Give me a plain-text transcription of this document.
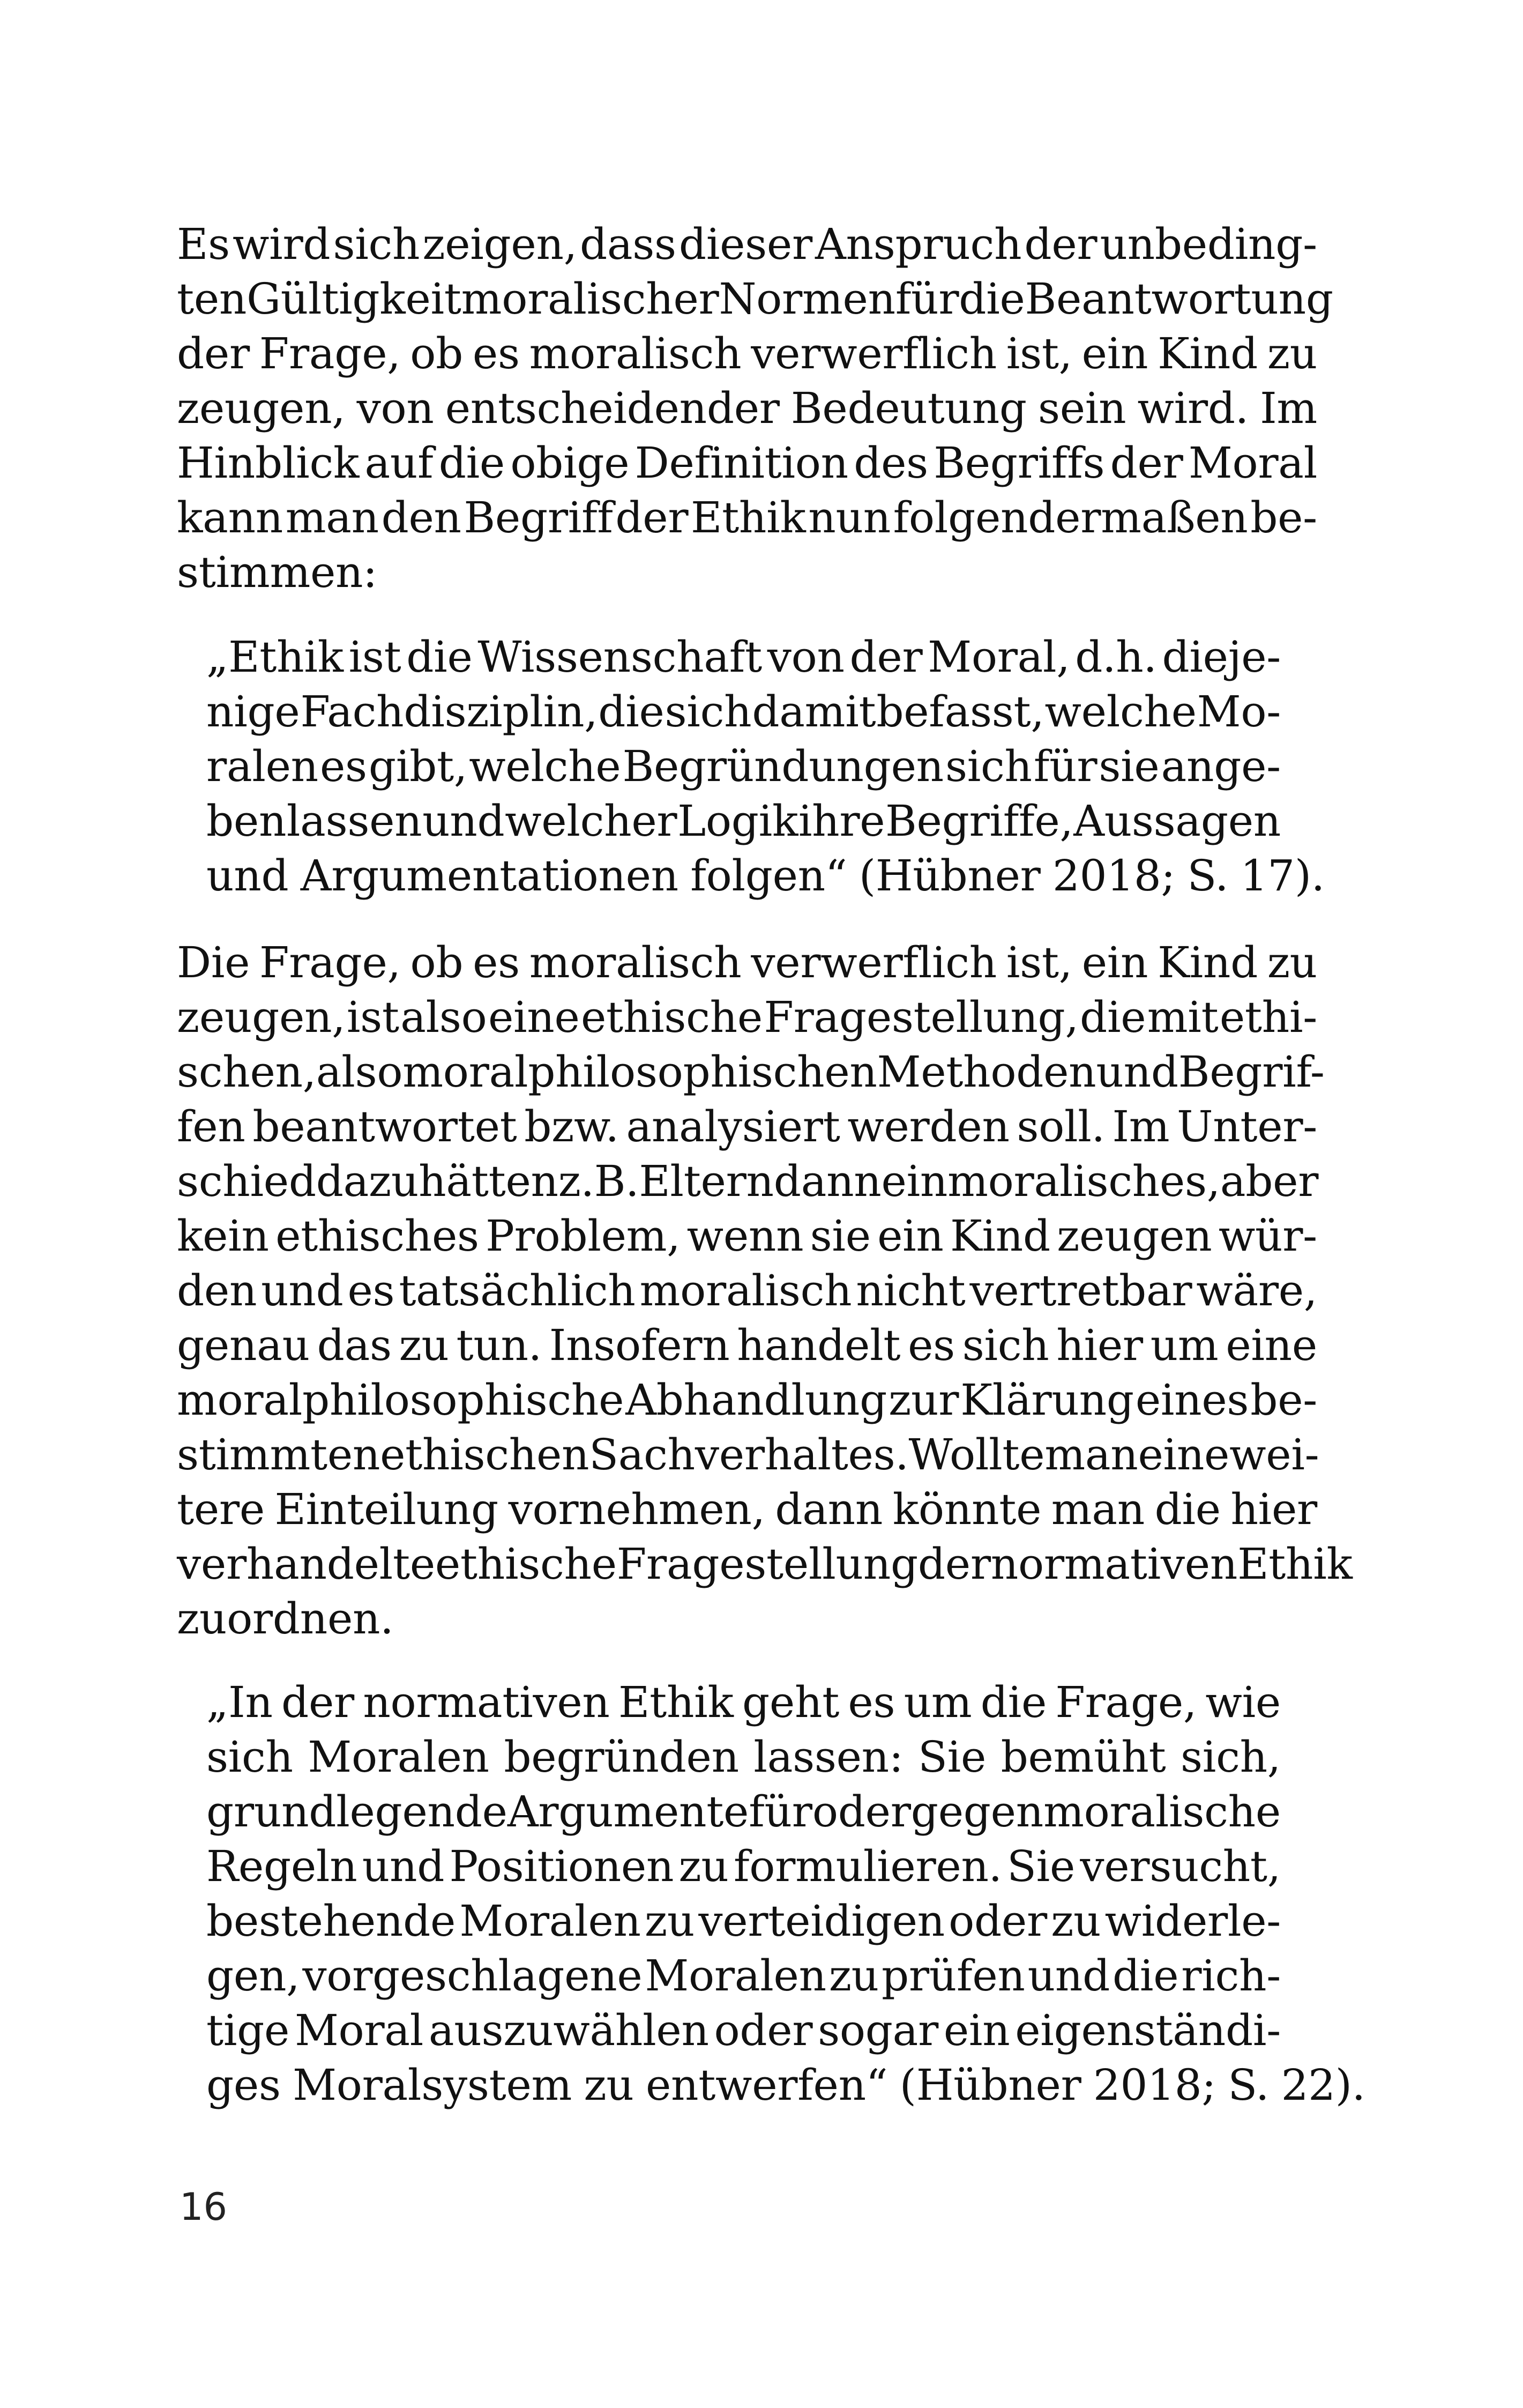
Es wird sich zeigen, dass dieser Anspruch der unbeding-
ten Gültigkeit moralischer Normen für die Beantwortung
der Frage, ob es moralisch verwerflich ist, ein Kind zu
zeugen, von entscheidender Bedeutung sein wird. Im
Hinblick auf die obige Definition des Begriffs der Moral
kann man den Begriff der Ethik nun folgendermaßen be-
stimmen:
„Ethik ist die Wissenschaft von der Moral, d.h. dieje-
nige Fachdisziplin, die sich damit befasst, welche Mo-
ralen es gibt, welche Begründungen sich für sie ange-
ben lassen und welcher Logik ihre Begriffe, Aussagen
und Argumentationen folgen“ (Hübner 2018; S. 17).
Die Frage, ob es moralisch verwerflich ist, ein Kind zu
zeugen, ist also eine ethische Fragestellung, die mit ethi-
schen, also moralphilosophischen Methoden und Begrif-
fen beantwortet bzw. analysiert werden soll. Im Unter-
schied dazu hätten z.B. Eltern dann ein moralisches, aber
kein ethisches Problem, wenn sie ein Kind zeugen wür-
den und es tatsächlich moralisch nicht vertretbar wäre,
genau das zu tun. Insofern handelt es sich hier um eine
moralphilosophische Abhandlung zur Klärung eines be-
stimmten ethischen Sachverhaltes. Wollte man eine wei-
tere Einteilung vornehmen, dann könnte man die hier
verhandelte ethische Fragestellung der normativen Ethik
zuordnen.
„In der normativen Ethik geht es um die Frage, wie
sich Moralen begründen lassen: Sie bemüht sich,
grundlegende Argumente für oder gegen moralische
Regeln und Positionen zu formulieren. Sie versucht,
bestehende Moralen zu verteidigen oder zu widerle-
gen, vorgeschlagene Moralen zu prüfen und die rich-
tige Moral auszuwählen oder sogar ein eigenständi-
ges Moralsystem zu entwerfen“ (Hübner 2018; S. 22).
16
